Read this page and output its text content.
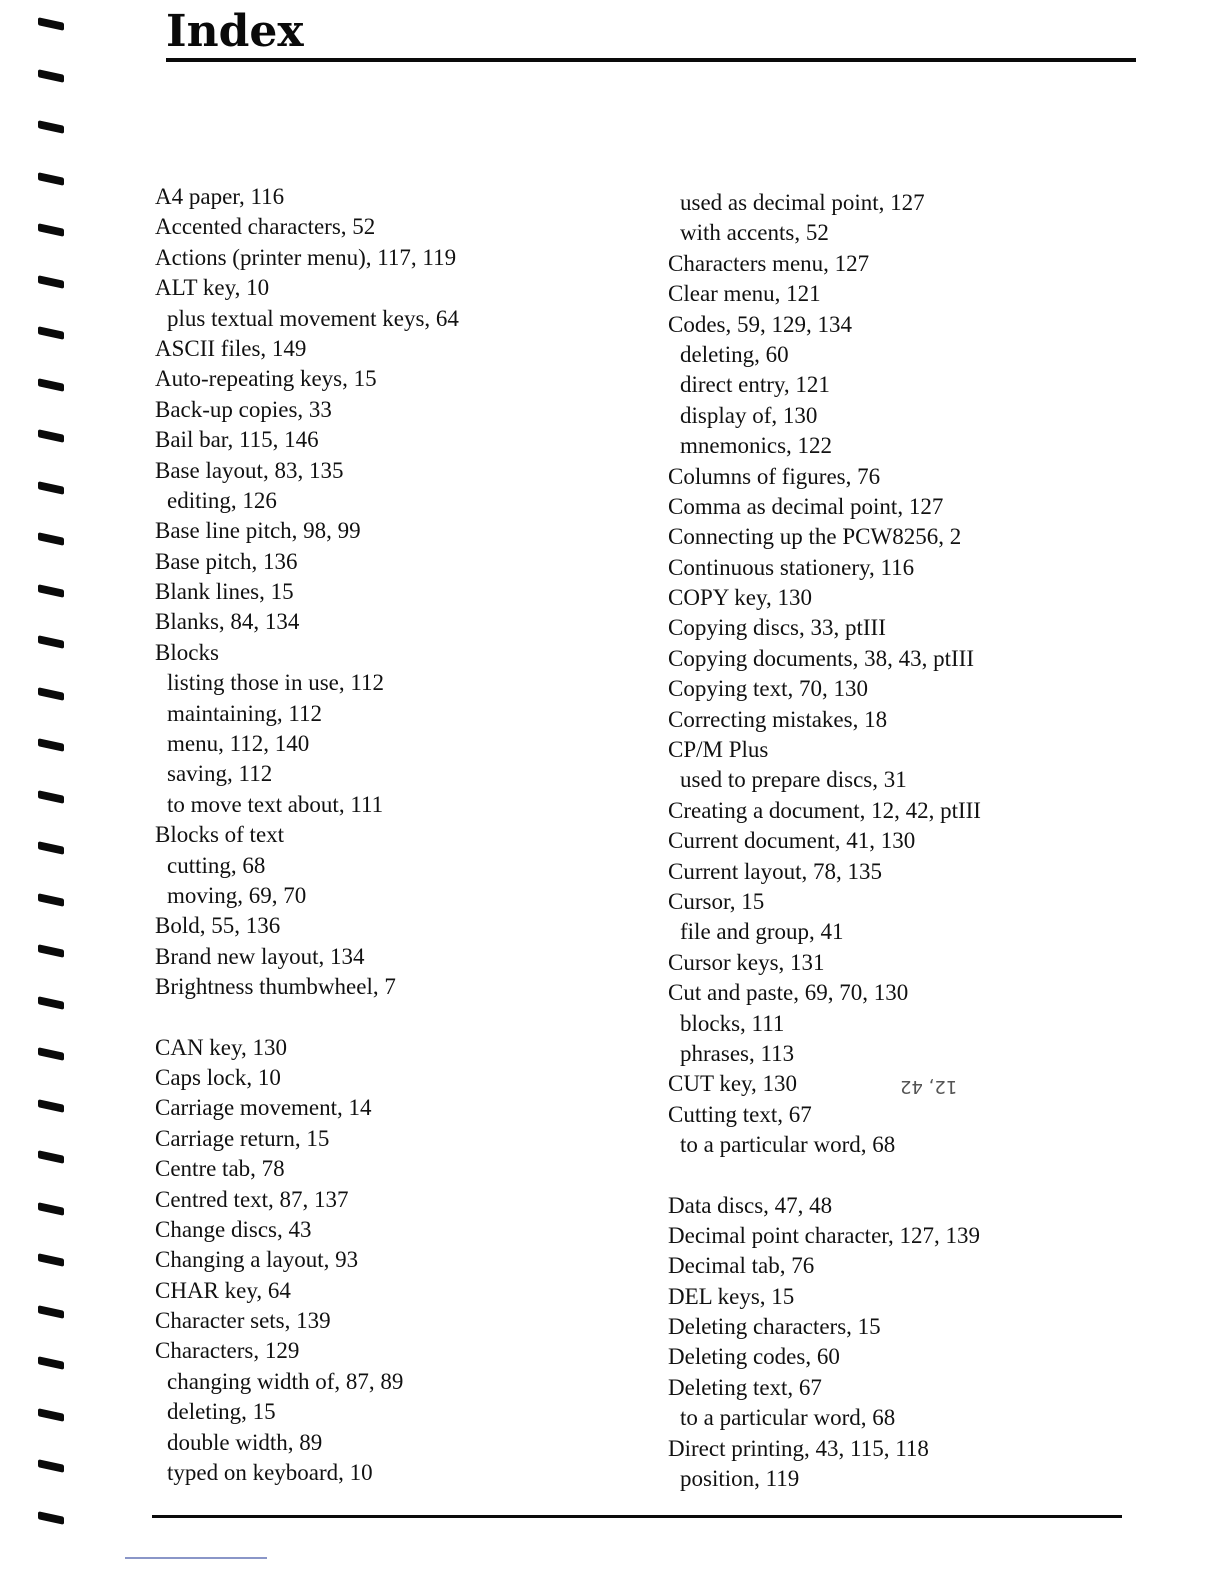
Index
A4 paper, 116
Accented characters, 52
Actions (printer menu), 117, 119
ALT key, 10
plus textual movement keys, 64
ASCII files, 149
Auto-repeating keys, 15
Back-up copies, 33
Bail bar, 115, 146
Base layout, 83, 135
editing, 126
Base line pitch, 98, 99
Base pitch, 136
Blank lines, 15
Blanks, 84, 134
Blocks
listing those in use, 112
maintaining, 112
menu, 112, 140
saving, 112
to move text about, 111
Blocks of text
cutting, 68
moving, 69, 70
Bold, 55, 136
Brand new layout, 134
Brightness thumbwheel, 7
CAN key, 130
Caps lock, 10
Carriage movement, 14
Carriage return, 15
Centre tab, 78
Centred text, 87, 137
Change discs, 43
Changing a layout, 93
CHAR key, 64
Character sets, 139
Characters, 129
changing width of, 87, 89
deleting, 15
double width, 89
typed on keyboard, 10
used as decimal point, 127
with accents, 52
Characters menu, 127
Clear menu, 121
Codes, 59, 129, 134
deleting, 60
direct entry, 121
display of, 130
mnemonics, 122
Columns of figures, 76
Comma as decimal point, 127
Connecting up the PCW8256, 2
Continuous stationery, 116
COPY key, 130
Copying discs, 33, ptIII
Copying documents, 38, 43, ptIII
Copying text, 70, 130
Correcting mistakes, 18
CP/M Plus
used to prepare discs, 31
Creating a document, 12, 42, ptIII
Current document, 41, 130
Current layout, 78, 135
Cursor, 15
file and group, 41
Cursor keys, 131
Cut and paste, 69, 70, 130
blocks, 111
phrases, 113
CUT key, 130
Cutting text, 67
to a particular word, 68
Data discs, 47, 48
Decimal point character, 127, 139
Decimal tab, 76
DEL keys, 15
Deleting characters, 15
Deleting codes, 60
Deleting text, 67
to a particular word, 68
Direct printing, 43, 115, 118
position, 119
12, 42
